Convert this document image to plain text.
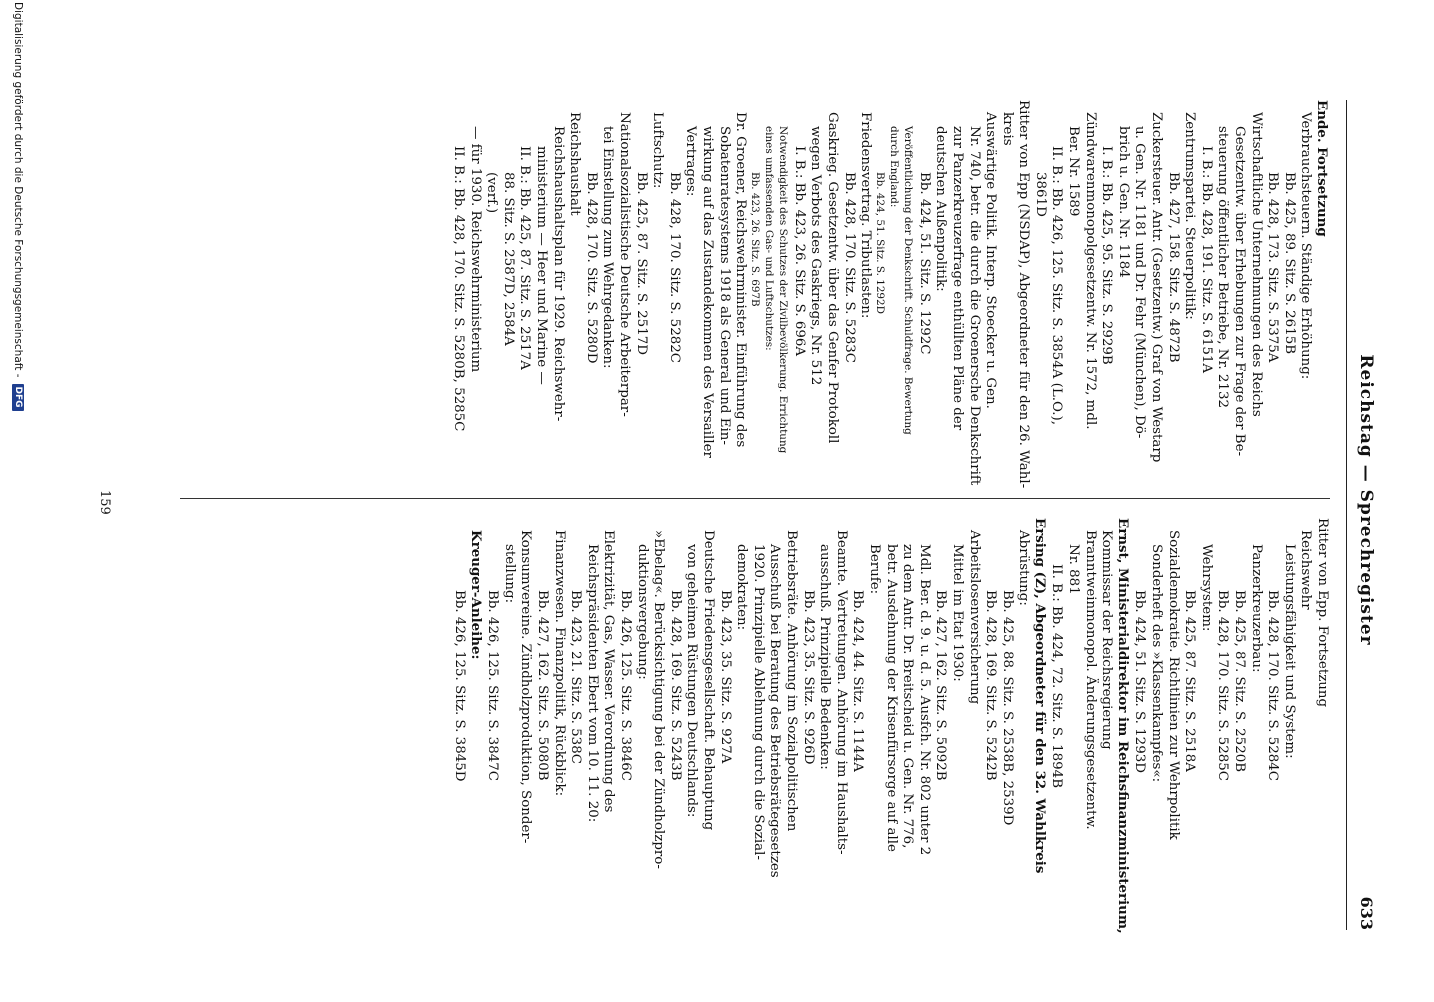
Reichstag — Sprechregister
633
Ende. Fortsetzung
Verbrauchsteuern. Ständige Erhöhung:
Bb. 425, 89. Sitz. S. 2615B
Bb. 428, 173. Sitz. S. 5375A
Wirtschaftliche Unternehmungen des Reichs
Gesetzentw. über Erhebungen zur Frage der Be-
steuerung öffentlicher Betriebe, Nr. 2132
I. B.: Bb. 428, 191. Sitz. S. 6151A
Zentrumspartei. Steuerpolitik:
Bb. 427, 158. Sitz. S. 4872B
Zuckersteuer. Antr. (Gesetzentw.) Graf von Westarp
u. Gen. Nr. 1181 und Dr. Fehr (München), Dö-
brich u. Gen. Nr. 1184
I. B.: Bb. 425, 95. Sitz. S. 2929B
Zündwarenmonopolgesetzentw. Nr. 1572, mdl.
Ber. Nr. 1589
II. B.: Bb. 426, 125. Sitz. S. 3854A (L.O.),
3861D
Ritter von Epp (NSDAP), Abgeordneter für den 26. Wahl-
kreis
Auswärtige Politik. Interp. Stoecker u. Gen.
Nr. 740, betr. die durch die Groenersche Denkschrift
zur Panzerkreuzerfrage enthüllten Pläne der
deutschen Außenpolitik:
Bb. 424, 51. Sitz. S. 1292C
Veröffentlichung der Denkschrift. Schuldfrage. Bewertung
durch England:
Bb. 424, 51. Sitz. S. 1292D
Friedensvertrag. Tributlasten:
Bb. 428, 170. Sitz. S. 5283C
Gaskrieg. Gesetzentw. über das Genfer Protokoll
wegen Verbots des Gaskriegs, Nr. 512
I. B.: Bb. 423, 26. Sitz. S. 696A
Notwendigkeit des Schutzes der Zivilbevölkerung. Errichtung
eines umfassenden Gas- und Luftschutzes:
Bb. 423, 26. Sitz. S. 697B
Dr. Groener, Reichswehrminister. Einführung des
Sobatenratesystems 1918 als General und Ein-
wirkung auf das Zustandekommen des Versailler
Vertrages:
Bb. 428, 170. Sitz. S. 5282C
Luftschutz:
Bb. 425, 87. Sitz. S. 2517D
Nationalsozialistische Deutsche Arbeiterpar-
tei Einstellung zum Wehrgedanken:
Bb. 428, 170. Sitz. S. 5280D
Reichshaushalt
Reichshaushaltsplan für 1929. Reichswehr-
ministerium — Heer und Marine —
II. B.: Bb. 425, 87. Sitz. S. 2517A
88. Sitz. S. 2587D, 2584A
(verf.)
— für 1930. Reichswehrministerium
II. B.: Bb. 428, 170. Sitz. S. 5280B, 5285C
Ritter von Epp. Fortsetzung
Reichswehr
Leistungsfähigkeit und System:
Bb. 428, 170. Sitz. S. 5284C
Panzerkreuzerbau:
Bb. 425, 87. Sitz. S. 2520B
Bb. 428, 170. Sitz. S. 5285C
Wehrsystem:
Bb. 425, 87. Sitz. S. 2518A
Sozialdemokratie. Richtlinien zur Wehrpolitik
Sonderheft des »Klassenkampfes«:
Bb. 424, 51. Sitz. S. 1293D
Ernst, Ministerialdirektor im Reichsfinanzministerium,
Kommissar der Reichsregierung
Branntweinmonopol. Änderungsgesetzentw.
Nr. 881
II. B.: Bb. 424, 72. Sitz. S. 1894B
Ersing (Z), Abgeordneter für den 32. Wahlkreis
Abrüstung:
Bb. 425, 88. Sitz. S. 2538B, 2539D
Bb. 428, 169. Sitz. S. 5242B
Arbeitslosenversicherung
Mittel im Etat 1930:
Bb. 427, 162. Sitz. S. 5092B
Mdl. Ber. d. 9. u. d. 5. Ausfch. Nr. 802 unter 2
zu dem Antr. Dr. Breitscheid u. Gen. Nr. 776,
betr. Ausdehnung der Krisenfürsorge auf alle
Berufe:
Bb. 424, 44. Sitz. S. 1144A
Beamte. Vertretungen. Anhörung im Haushalts-
ausschuß. Prinzipielle Bedenken:
Bb. 423, 35. Sitz. S. 926D
Betriebsräte. Anhörung im Sozialpolitischen
Ausschuß bei Beratung des Betriebsrätegesetzes
1920. Prinzipielle Ablehnung durch die Sozial-
demokraten:
Bb. 423, 35. Sitz. S. 927A
Deutsche Friedensgesellschaft. Behauptung
von geheimen Rüstungen Deutschlands:
Bb. 428, 169. Sitz. S. 5243B
»Ebelag«. Berücksichtigung bei der Zündholzpro-
duktionsvergebung:
Bb. 426, 125. Sitz. S. 3846C
Elektrizität, Gas, Wasser. Verordnung des
Reichspräsidenten Ebert vom 10. 11. 20:
Bb. 423, 21. Sitz. S. 538C
Finanzwesen. Finanzpolitik, Rückblick:
Bb. 427, 162. Sitz. S. 5080B
Konsumvereine. Zündholzproduktion, Sonder-
stellung:
Bb. 426, 125. Sitz. S. 3847C
Kreuger-Anleihe:
Bb. 426, 125. Sitz. S. 3845D
159
Digitalisierung gefördert durch die Deutsche Forschungsgemeinschaft -
DFG
